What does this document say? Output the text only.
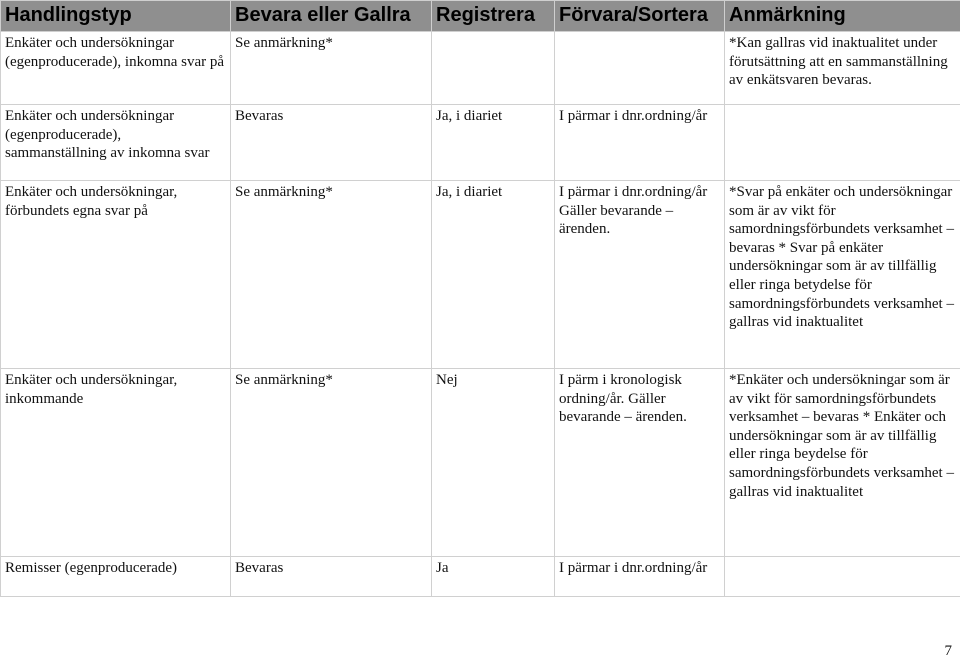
Handlingstyp	Bevara eller Gallra	Registrera	Förvara/Sortera	Anmärkning
Enkäter och undersökningar (egenproducerade), inkomna svar på	Se anmärkning*			*Kan gallras vid inaktualitet under förutsättning att en sammanställning av enkätsvaren bevaras.
Enkäter och undersökningar (egenproducerade), sammanställning av inkomna svar	Bevaras	Ja, i diariet	I pärmar i dnr.ordning/år	
Enkäter och undersökningar, förbundets egna svar på	Se anmärkning*	Ja, i diariet	I pärmar i dnr.ordning/år Gäller bevarande – ärenden.	*Svar på enkäter och undersökningar som är av vikt för samordningsförbundets verksamhet – bevaras * Svar på enkäter undersökningar som är av tillfällig eller ringa betydelse för samordningsförbundets verksamhet – gallras vid inaktualitet
Enkäter och undersökningar, inkommande	Se anmärkning*	Nej	I pärm i kronologisk ordning/år. Gäller bevarande – ärenden.	*Enkäter och undersökningar som är av vikt för samordningsförbundets verksamhet – bevaras * Enkäter och undersökningar som är av tillfällig eller ringa beydelse för samordningsförbundets verksamhet – gallras vid inaktualitet
Remisser (egenproducerade)	Bevaras	Ja	I pärmar i dnr.ordning/år	
7
